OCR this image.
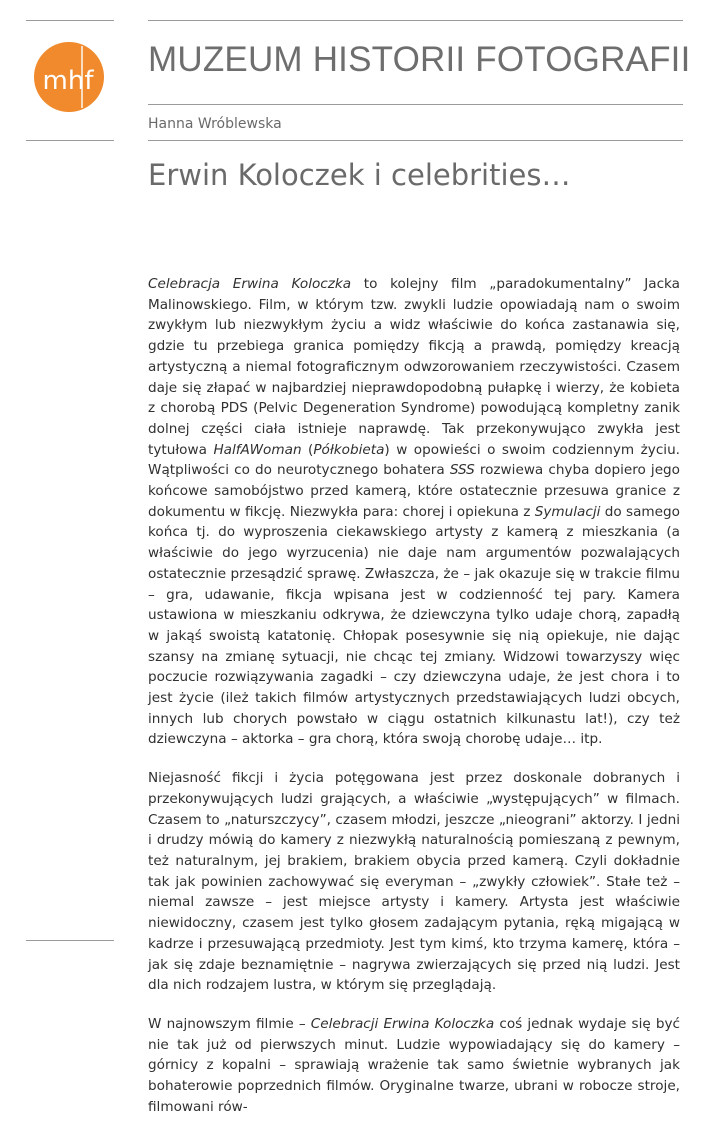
mhf
MUZEUM HISTORII FOTOGRAFII
Hanna Wróblewska
Erwin Koloczek i celebrities…

Celebracja Erwina Koloczka to kolejny film „paradokumentalny” Jacka Malinowskiego. Film, w którym tzw. zwykli ludzie opowiadają nam o swoim zwykłym lub niezwykłym życiu a widz właściwie do końca zastanawia się, gdzie tu przebiega granica pomiędzy fikcją a prawdą, pomiędzy kreacją artystyczną a niemal fotograficznym odwzorowaniem rzeczywistości. Czasem daje się złapać w najbardziej nieprawdopodobną pułapkę i wierzy, że kobieta z chorobą PDS (Pelvic Degeneration Syndrome) powodującą kompletny zanik dolnej części ciała istnieje naprawdę. Tak przekonywująco zwykła jest tytułowa HalfAWoman (Półkobieta) w opowieści o swoim codziennym życiu. Wątpliwości co do neurotycznego bohatera SSS rozwiewa chyba dopiero jego końcowe samobójstwo przed kamerą, które ostatecznie przesuwa granice z dokumentu w fikcję. Niezwykła para: chorej i opiekuna z Symulacji do samego końca tj. do wyproszenia ciekawskiego artysty z kamerą z mieszkania (a właściwie do jego wyrzucenia) nie daje nam argumentów pozwalających ostatecznie przesądzić sprawę. Zwłaszcza, że – jak okazuje się w trakcie filmu – gra, udawanie, fikcja wpisana jest w codzienność tej pary. Kamera ustawiona w mieszkaniu odkrywa, że dziewczyna tylko udaje chorą, zapadłą w jakąś swoistą katatonię. Chłopak posesywnie się nią opiekuje, nie dając szansy na zmianę sytuacji, nie chcąc tej zmiany. Widzowi towarzyszy więc poczucie rozwiązywania zagadki – czy dziewczyna udaje, że jest chora i to jest życie (ileż takich filmów artystycznych przedstawiających ludzi obcych, innych lub chorych powstało w ciągu ostatnich kilkunastu lat!), czy też dziewczyna – aktorka – gra chorą, która swoją chorobę udaje… itp.

Niejasność fikcji i życia potęgowana jest przez doskonale dobranych i przekonywujących ludzi grających, a właściwie „występujących” w filmach. Czasem to „naturszczycy”, czasem młodzi, jeszcze „nieograni” aktorzy. I jedni i drudzy mówią do kamery z niezwykłą naturalnością pomieszaną z pewnym, też naturalnym, jej brakiem, brakiem obycia przed kamerą. Czyli dokładnie tak jak powinien zachowywać się everyman – „zwykły człowiek”. Stałe też – niemal zawsze – jest miejsce artysty i kamery. Artysta jest właściwie niewidoczny, czasem jest tylko głosem zadającym pytania, ręką migającą w kadrze i przesuwającą przedmioty. Jest tym kimś, kto trzyma kamerę, która – jak się zdaje beznamiętnie – nagrywa zwierzających się przed nią ludzi. Jest dla nich rodzajem lustra, w którym się przeglądają.

W najnowszym filmie – Celebracji Erwina Koloczka coś jednak wydaje się być nie tak już od pierwszych minut. Ludzie wypowiadający się do kamery – górnicy z kopalni – sprawiają wrażenie tak samo świetnie wybranych jak bohaterowie poprzednich filmów. Oryginalne twarze, ubrani w robocze stroje, filmowani rów-
